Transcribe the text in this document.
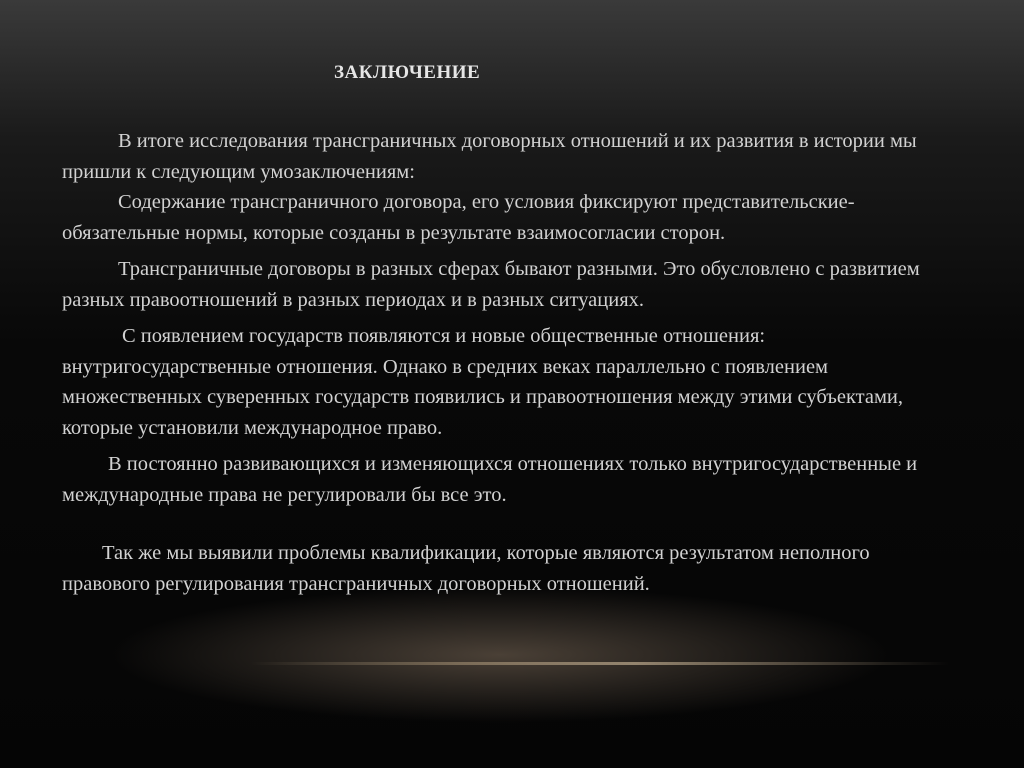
ЗАКЛЮЧЕНИЕ

В итоге исследования трансграничных договорных отношений и их развития в истории мы пришли к следующим умозаключениям:

Содержание трансграничного договора, его условия фиксируют представительские-обязательные нормы, которые созданы в результате взаимосогласии сторон.

Трансграничные договоры в разных сферах бывают разными. Это обусловлено с развитием разных правоотношений в разных периодах и в разных ситуациях.

С появлением государств появляются и новые общественные отношения: внутригосударственные отношения. Однако в средних веках параллельно с появлением множественных суверенных государств появились и правоотношения между этими субъектами, которые установили международное право.

В постоянно развивающихся и изменяющихся отношениях только внутригосударственные и международные права не регулировали бы все это.

Так же мы выявили проблемы квалификации, которые являются результатом неполного правового регулирования трансграничных договорных отношений.
